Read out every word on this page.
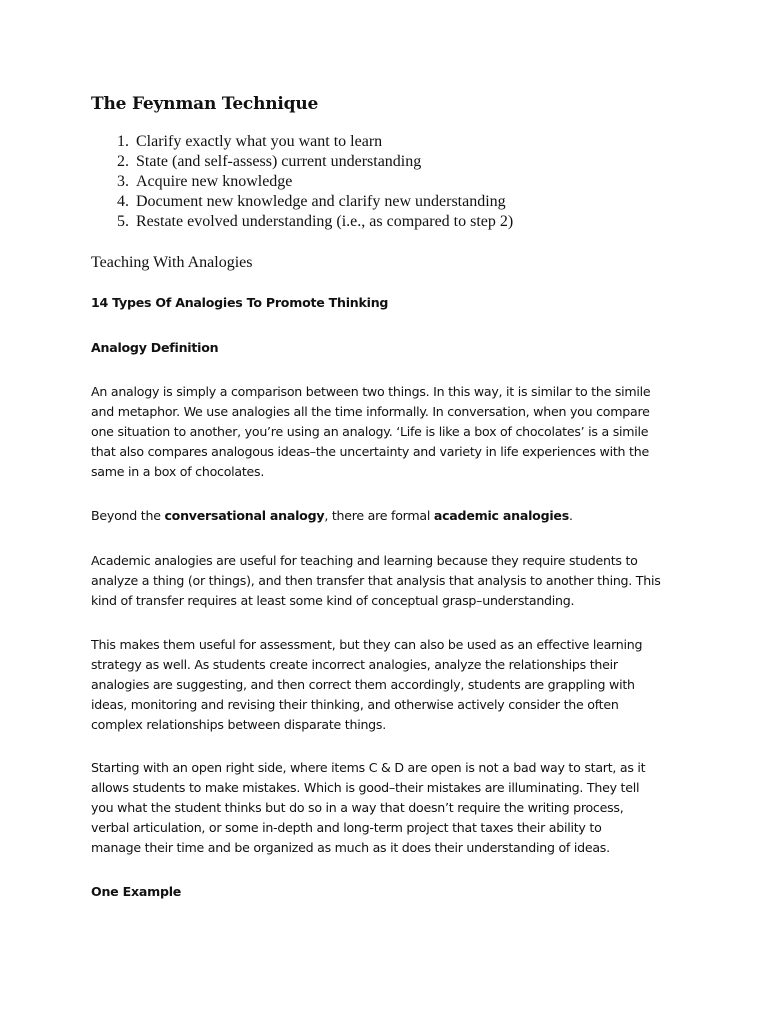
The Feynman Technique
1. Clarify exactly what you want to learn
2. State (and self-assess) current understanding
3. Acquire new knowledge
4. Document new knowledge and clarify new understanding
5. Restate evolved understanding (i.e., as compared to step 2)
Teaching With Analogies
14 Types Of Analogies To Promote Thinking
Analogy Definition

An analogy is simply a comparison between two things. In this way, it is similar to the simile
and metaphor. We use analogies all the time informally. In conversation, when you compare
one situation to another, you’re using an analogy. ‘Life is like a box of chocolates’ is a simile
that also compares analogous ideas–the uncertainty and variety in life experiences with the
same in a box of chocolates.

Beyond the conversational analogy, there are formal academic analogies.

Academic analogies are useful for teaching and learning because they require students to
analyze a thing (or things), and then transfer that analysis that analysis to another thing. This
kind of transfer requires at least some kind of conceptual grasp–understanding.

This makes them useful for assessment, but they can also be used as an effective learning
strategy as well. As students create incorrect analogies, analyze the relationships their
analogies are suggesting, and then correct them accordingly, students are grappling with
ideas, monitoring and revising their thinking, and otherwise actively consider the often
complex relationships between disparate things.

Starting with an open right side, where items C & D are open is not a bad way to start, as it
allows students to make mistakes. Which is good–their mistakes are illuminating. They tell
you what the student thinks but do so in a way that doesn’t require the writing process,
verbal articulation, or some in-depth and long-term project that taxes their ability to
manage their time and be organized as much as it does their understanding of ideas.

One Example
